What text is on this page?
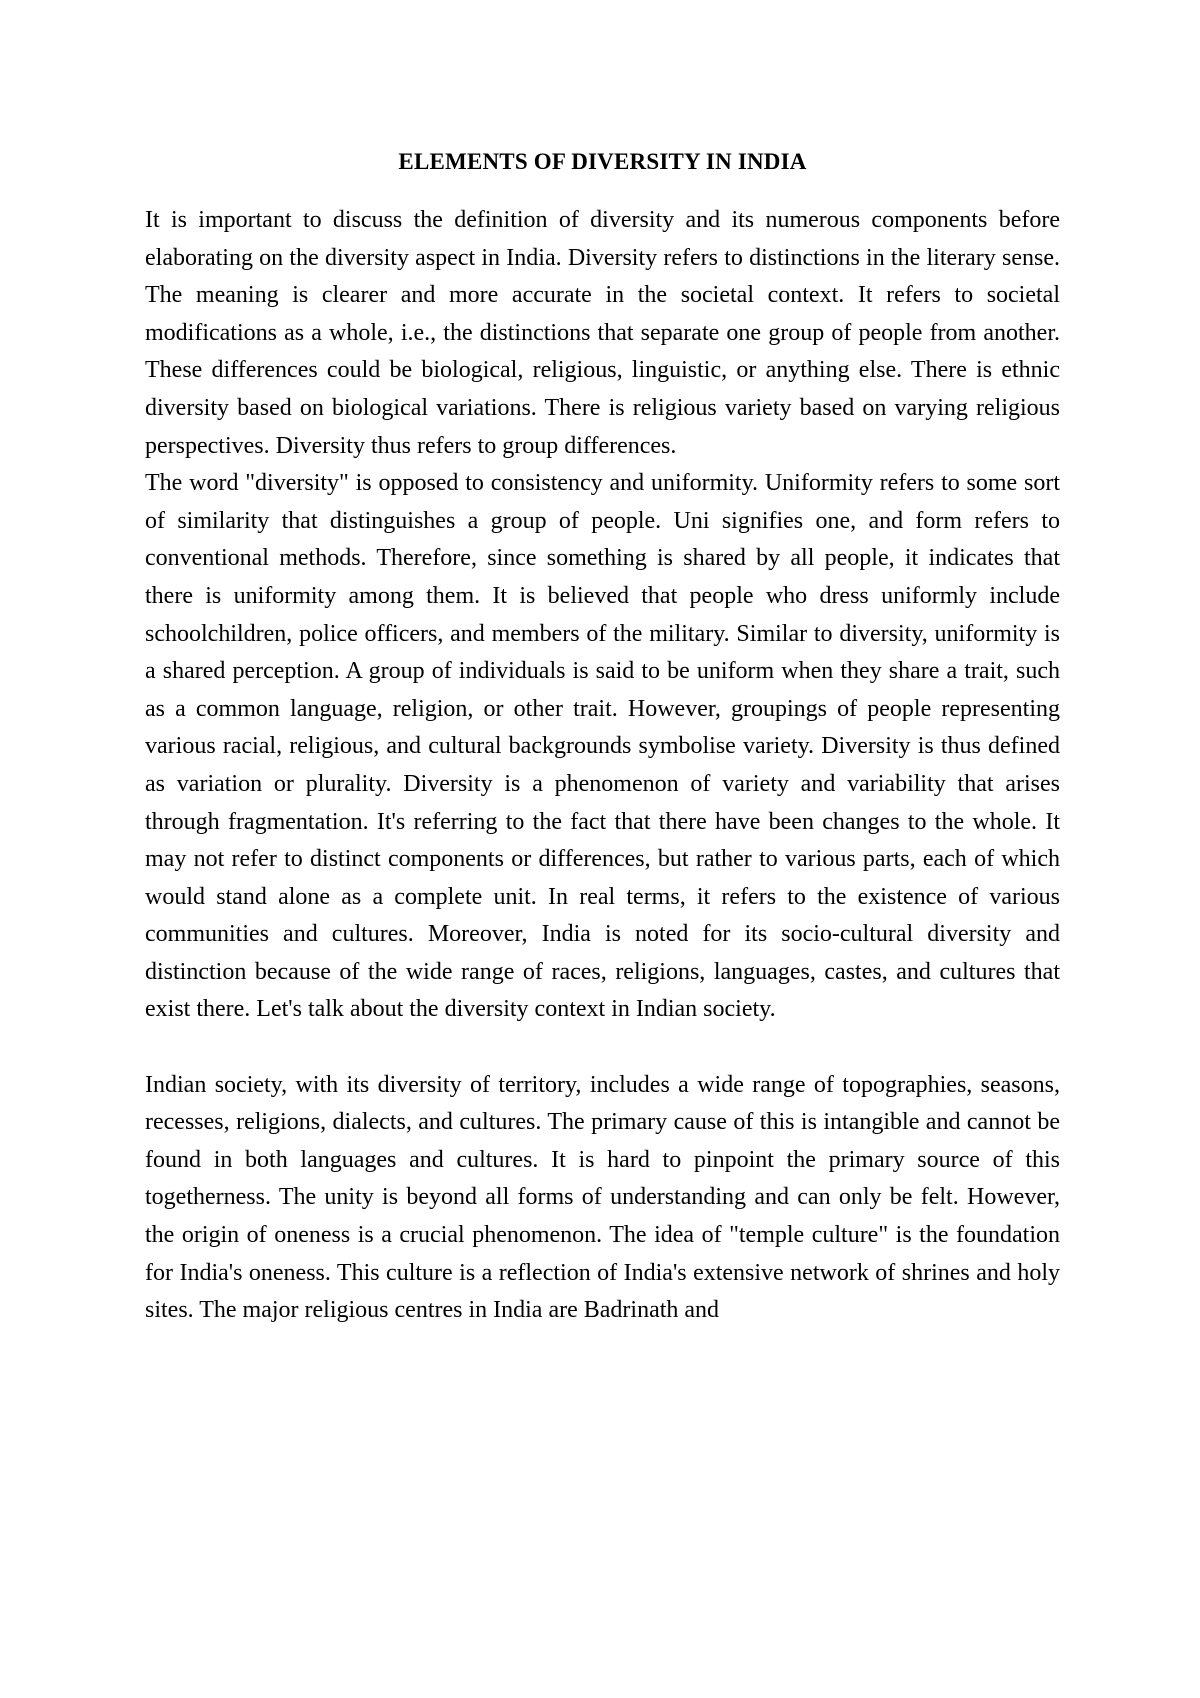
ELEMENTS OF DIVERSITY IN INDIA

It is important to discuss the definition of diversity and its numerous components before elaborating on the diversity aspect in India. Diversity refers to distinctions in the literary sense. The meaning is clearer and more accurate in the societal context. It refers to societal modifications as a whole, i.e., the distinctions that separate one group of people from another. These differences could be biological, religious, linguistic, or anything else. There is ethnic diversity based on biological variations. There is religious variety based on varying religious perspectives. Diversity thus refers to group differences.

The word "diversity" is opposed to consistency and uniformity. Uniformity refers to some sort of similarity that distinguishes a group of people. Uni signifies one, and form refers to conventional methods. Therefore, since something is shared by all people, it indicates that there is uniformity among them. It is believed that people who dress uniformly include schoolchildren, police officers, and members of the military. Similar to diversity, uniformity is a shared perception. A group of individuals is said to be uniform when they share a trait, such as a common language, religion, or other trait. However, groupings of people representing various racial, religious, and cultural backgrounds symbolise variety. Diversity is thus defined as variation or plurality. Diversity is a phenomenon of variety and variability that arises through fragmentation. It's referring to the fact that there have been changes to the whole. It may not refer to distinct components or differences, but rather to various parts, each of which would stand alone as a complete unit. In real terms, it refers to the existence of various communities and cultures. Moreover, India is noted for its socio-cultural diversity and distinction because of the wide range of races, religions, languages, castes, and cultures that exist there. Let's talk about the diversity context in Indian society.

Indian society, with its diversity of territory, includes a wide range of topographies, seasons, recesses, religions, dialects, and cultures. The primary cause of this is intangible and cannot be found in both languages and cultures. It is hard to pinpoint the primary source of this togetherness. The unity is beyond all forms of understanding and can only be felt. However, the origin of oneness is a crucial phenomenon. The idea of "temple culture" is the foundation for India's oneness. This culture is a reflection of India's extensive network of shrines and holy sites. The major religious centres in India are Badrinath and
